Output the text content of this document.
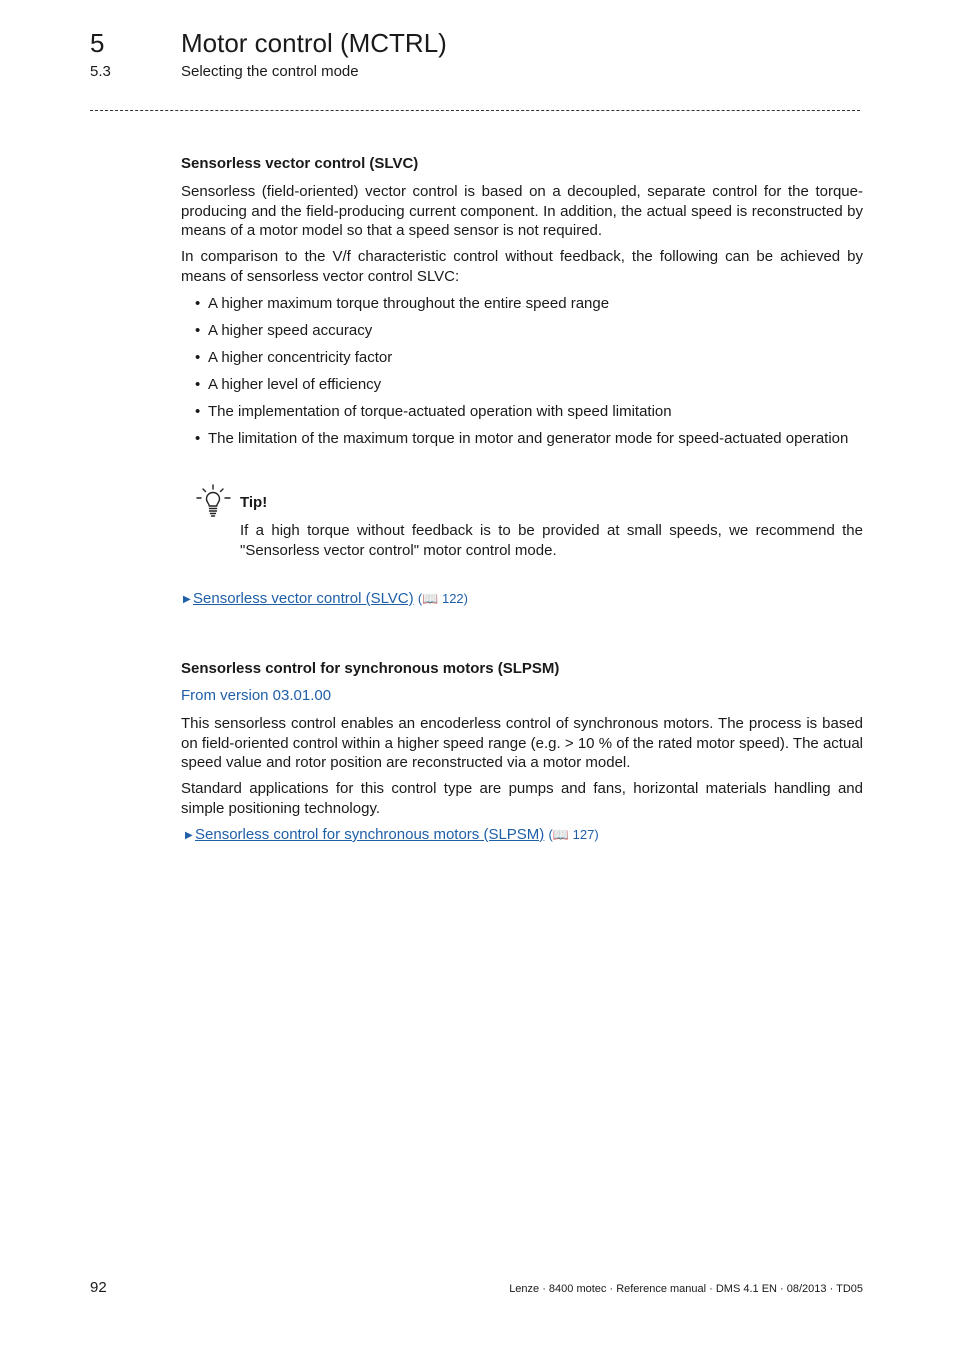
5	Motor control (MCTRL)
5.3	Selecting the control mode
Sensorless vector control (SLVC)

Sensorless (field-oriented) vector control is based on a decoupled, separate control for the torque-producing and the field-producing current component. In addition, the actual speed is reconstructed by means of a motor model so that a speed sensor is not required.

In comparison to the V/f characteristic control without feedback, the following can be achieved by means of sensorless vector control SLVC:

• A higher maximum torque throughout the entire speed range
• A higher speed accuracy
• A higher concentricity factor
• A higher level of efficiency
• The implementation of torque-actuated operation with speed limitation
• The limitation of the maximum torque in motor and generator mode for speed-actuated operation
Tip!

If a high torque without feedback is to be provided at small speeds, we recommend the "Sensorless vector control" motor control mode.

▶ Sensorless vector control (SLVC) (📖 122)
Sensorless control for synchronous motors (SLPSM)
From version 03.01.00

This sensorless control enables an encoderless control of synchronous motors. The process is based on field-oriented control within a higher speed range (e.g. > 10 % of the rated motor speed). The actual speed value and rotor position are reconstructed via a motor model.

Standard applications for this control type are pumps and fans, horizontal materials handling and simple positioning technology.

▶ Sensorless control for synchronous motors (SLPSM) (📖 127)
92	Lenze · 8400 motec · Reference manual · DMS 4.1 EN · 08/2013 · TD05
